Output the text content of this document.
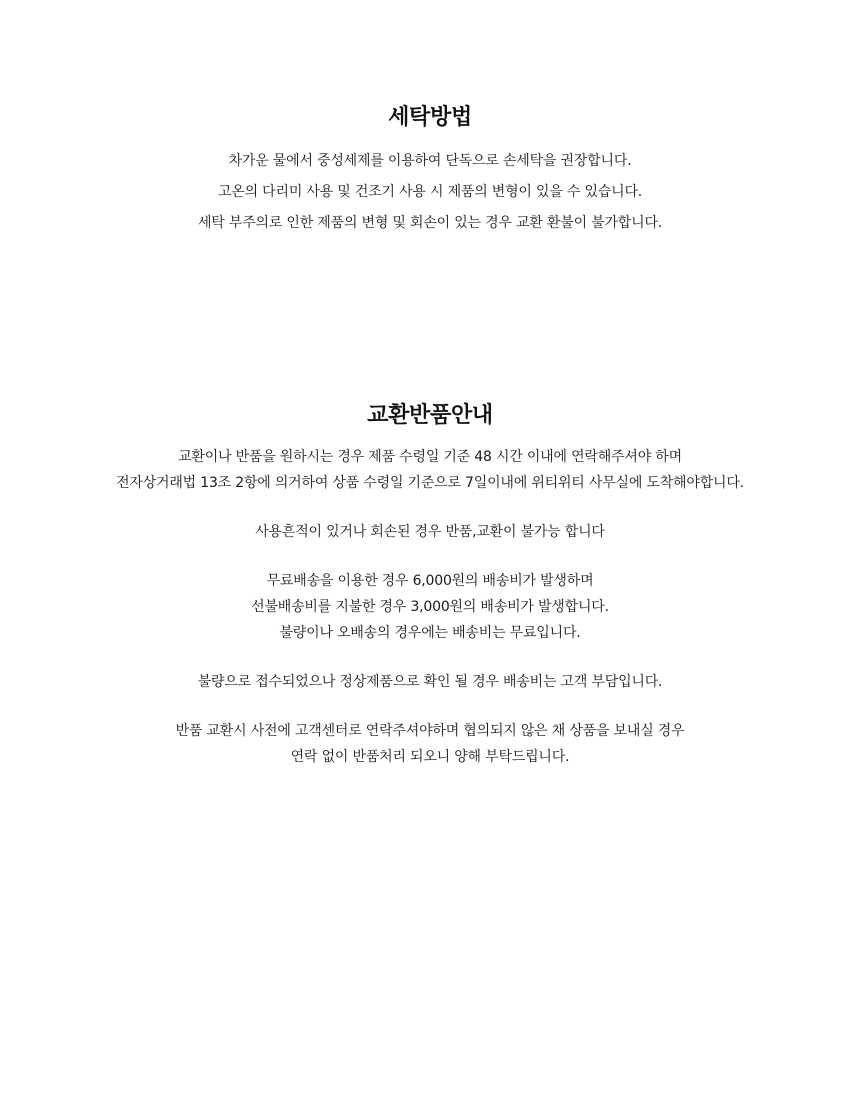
세탁방법
차가운 물에서 중성세제를 이용하여 단독으로 손세탁을 권장합니다.
고온의 다리미 사용 및 건조기 사용 시 제품의 변형이 있을 수 있습니다.
세탁 부주의로 인한 제품의 변형 및 회손이 있는 경우 교환 환불이 불가합니다.
교환반품안내
교환이나 반품을 원하시는 경우 제품 수령일 기준 48 시간 이내에 연락해주셔야 하며
전자상거래법 13조 2항에 의거하여 상품 수령일 기준으로 7일이내에 위티위티 사무실에 도착해야합니다.
사용흔적이 있거나 회손된 경우 반품,교환이 불가능 합니다
무료배송을 이용한 경우 6,000원의 배송비가 발생하며
선불배송비를 지불한 경우 3,000원의 배송비가 발생합니다.
불량이나 오배송의 경우에는 배송비는 무료입니다.
불량으로 접수되었으나 정상제품으로 확인 될 경우 배송비는 고객 부담입니다.
반품 교환시 사전에 고객센터로 연락주셔야하며 협의되지 않은 채 상품을 보내실 경우
연락 없이 반품처리 되오니 양해 부탁드립니다.
